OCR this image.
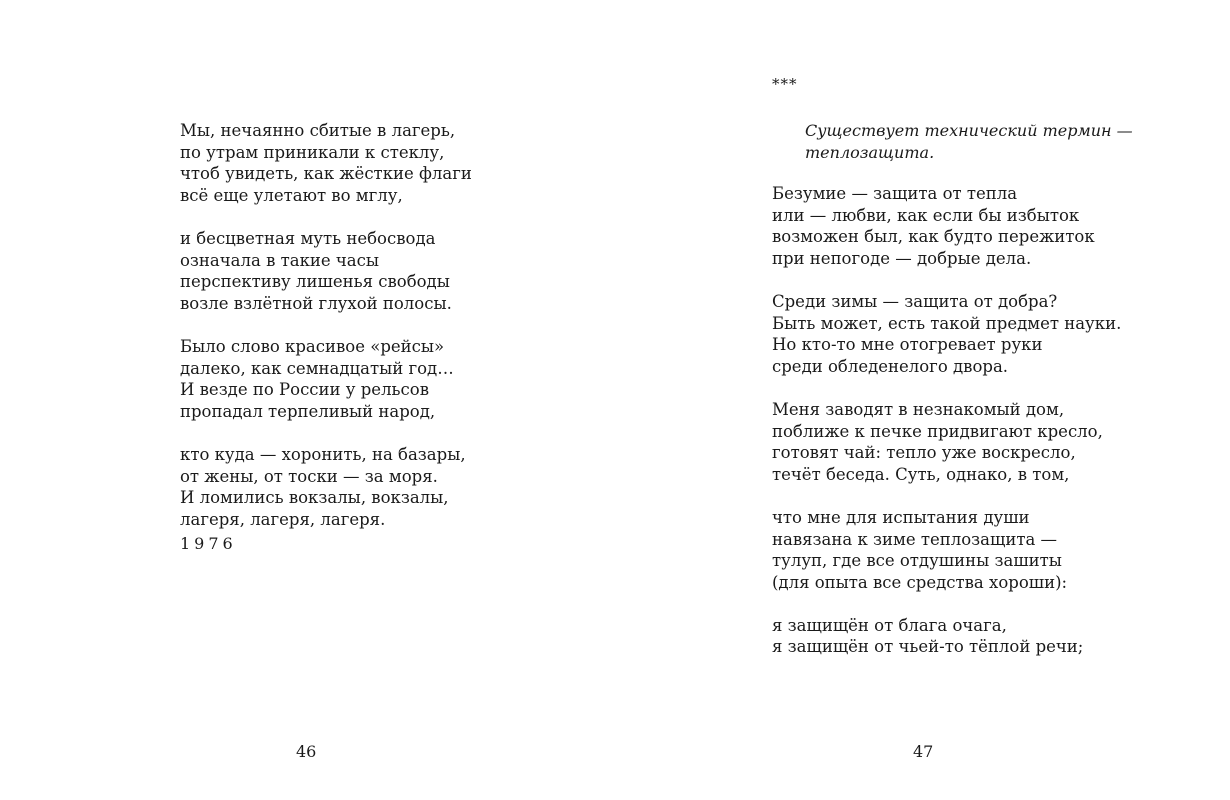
Мы, нечаянно сбитые в лагерь,
по утрам приникали к стеклу,
чтоб увидеть, как жёсткие флаги
всё еще улетают во мглу,
и бесцветная муть небосвода
означала в такие часы
перспективу лишенья свободы
возле взлётной глухой полосы.
Было слово красивое «рейсы»
далеко, как семнадцатый год…
И везде по России у рельсов
пропадал терпеливый народ,
кто куда — хоронить, на базары,
от жены, от тоски — за моря.
И ломились вокзалы, вокзалы,
лагеря, лагеря, лагеря.
1976
46
***
Существует технический термин —
теплозащита.
Безумие — защита от тепла
или — любви, как если бы избыток
возможен был, как будто пережиток
при непогоде — добрые дела.
Среди зимы — защита от добра?
Быть может, есть такой предмет науки.
Но кто-то мне отогревает руки
среди обледенелого двора.
Меня заводят в незнакомый дом,
поближе к печке придвигают кресло,
готовят чай: тепло уже воскресло,
течёт беседа. Суть, однако, в том,
что мне для испытания души
навязана к зиме теплозащита —
тулуп, где все отдушины зашиты
(для опыта все средства хороши):
я защищён от блага очага,
я защищён от чьей-то тёплой речи;
47
